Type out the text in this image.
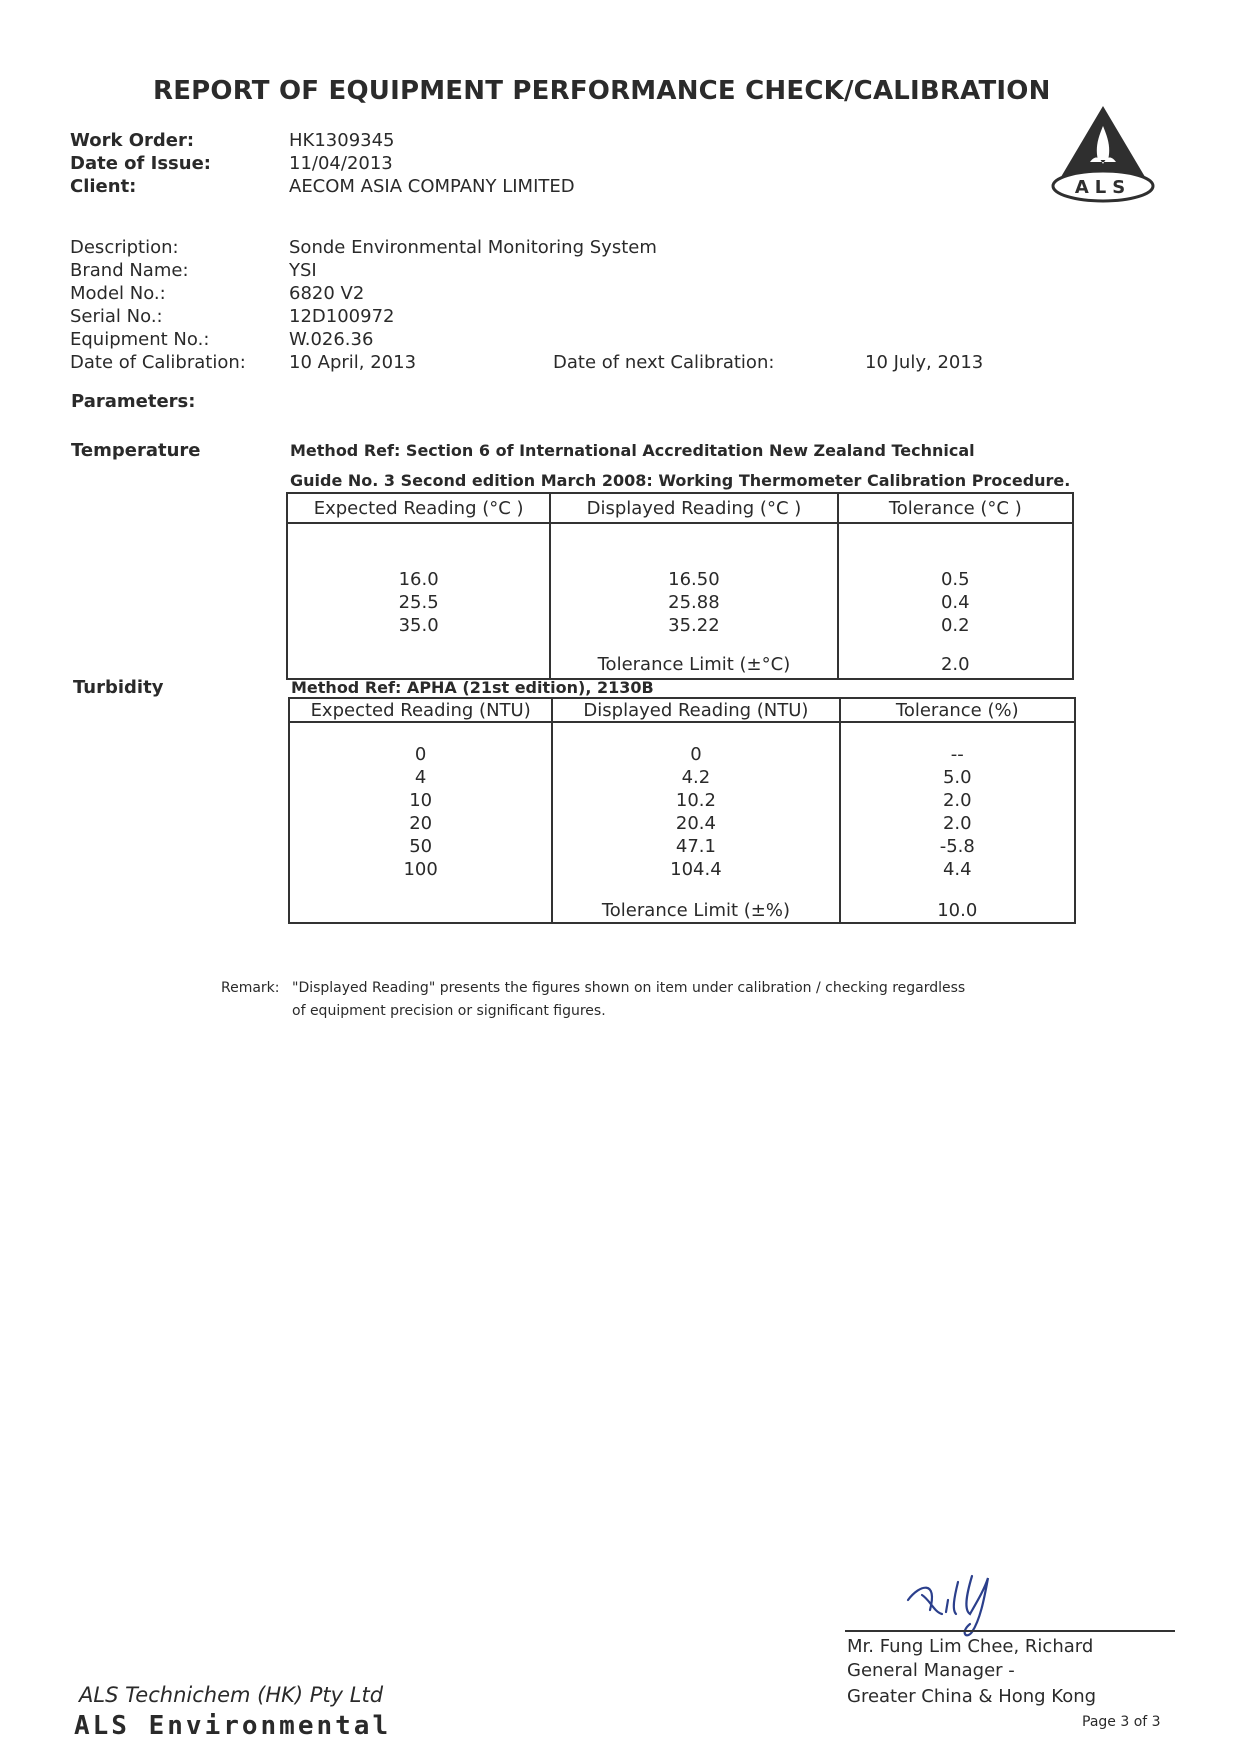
REPORT OF EQUIPMENT PERFORMANCE CHECK/CALIBRATION
ALS
Work Order:	HK1309345
Date of Issue:	11/04/2013
Client:	AECOM ASIA COMPANY LIMITED
Description:	Sonde Environmental Monitoring System
Brand Name:	YSI
Model No.:	6820 V2
Serial No.:	12D100972
Equipment No.:	W.026.36
Date of Calibration: 10 April, 2013	Date of next Calibration:	10 July, 2013
Parameters:
Temperature	Method Ref: Section 6 of International Accreditation New Zealand Technical
Guide No. 3 Second edition March 2008: Working Thermometer Calibration Procedure.
Expected Reading (°C )	Displayed Reading (°C )	Tolerance (°C )
16.0	16.50	0.5
25.5	25.88	0.4
35.0	35.22	0.2
	Tolerance Limit (±°C)	2.0
Turbidity	Method Ref: APHA (21st edition), 2130B
Expected Reading (NTU)	Displayed Reading (NTU)	Tolerance (%)
0	0	--
4	4.2	5.0
10	10.2	2.0
20	20.4	2.0
50	47.1	-5.8
100	104.4	4.4
	Tolerance Limit (±%)	10.0
Remark: "Displayed Reading" presents the figures shown on item under calibration / checking regardless
of equipment precision or significant figures.
Mr. Fung Lim Chee, Richard
General Manager -
Greater China & Hong Kong
ALS Technichem (HK) Pty Ltd
ALS Environmental	Page 3 of 3
